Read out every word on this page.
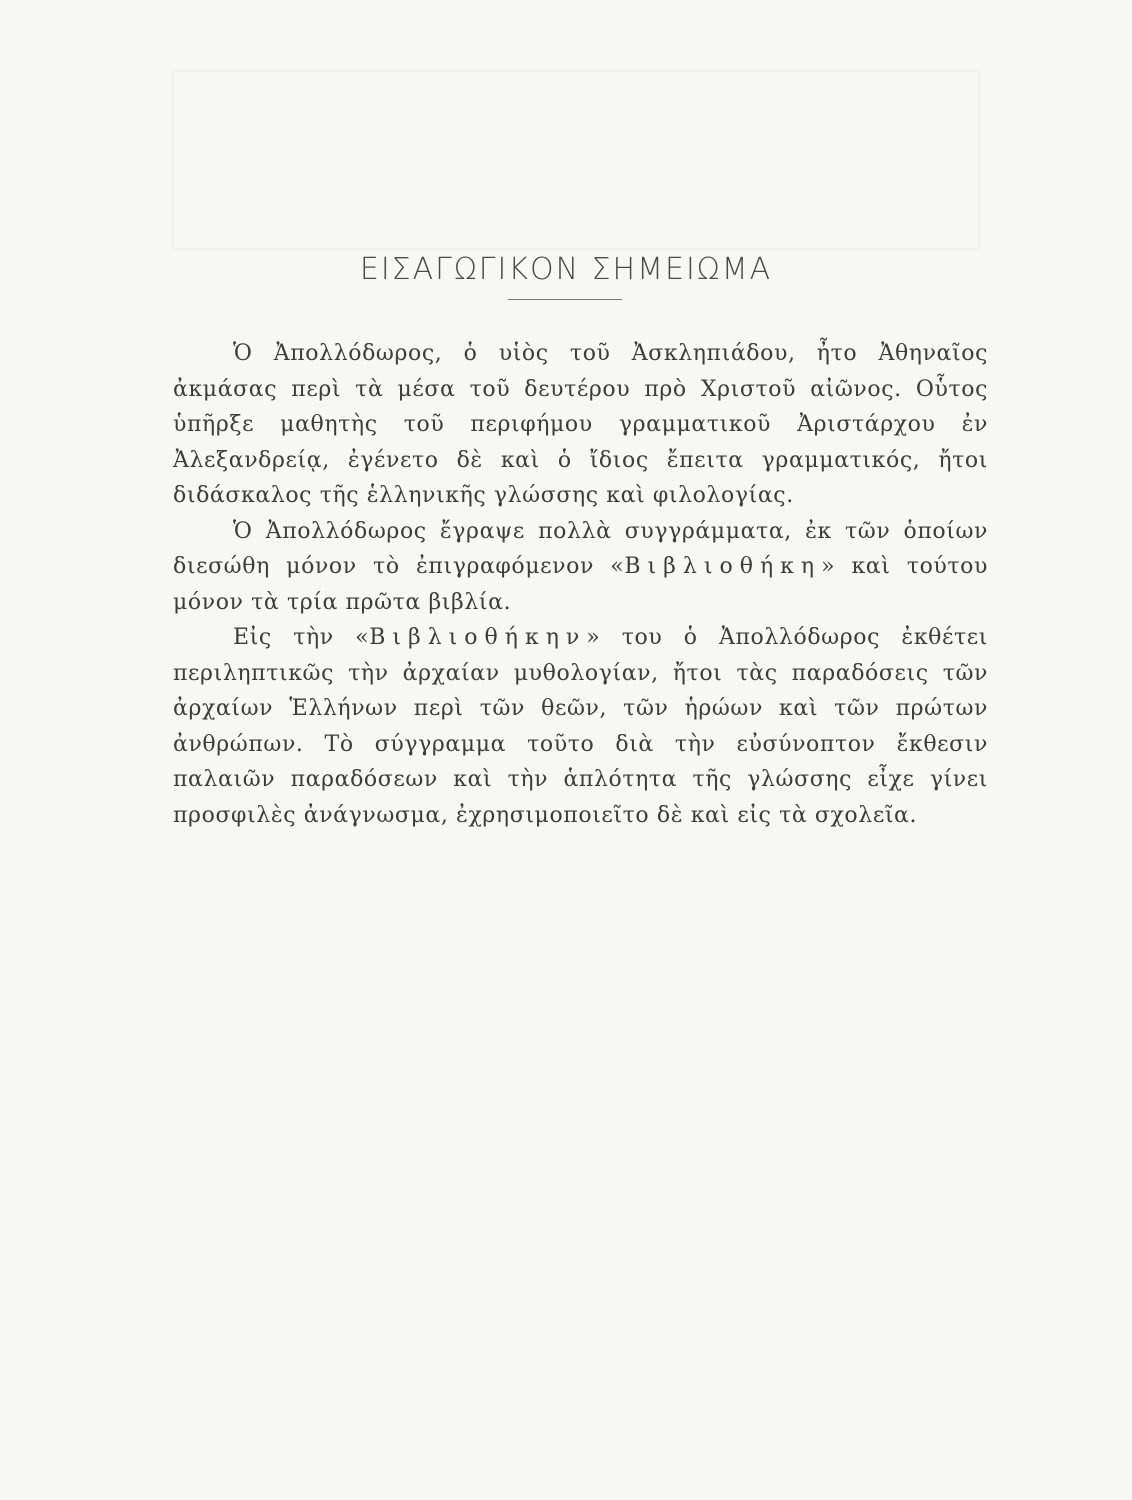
ΕΙΣΑΓΩΓΙΚΟΝ ΣΗΜΕΙΩΜΑ

Ὁ Ἀπολλόδωρος, ὁ υἱὸς τοῦ Ἀσκληπιάδου, ἦτο Ἀθηναῖος ἀκμάσας περὶ τὰ μέσα τοῦ δευτέρου πρὸ Χριστοῦ αἰῶνος. Οὗτος ὑπῆρξε μαθητὴς τοῦ περιφήμου γραμματικοῦ Ἀριστάρχου ἐν Ἀλεξανδρείᾳ, ἐγένετο δὲ καὶ ὁ ἴδιος ἔπειτα γραμματικός, ἤτοι διδάσκαλος τῆς ἑλληνικῆς γλώσσης καὶ φιλολογίας.

Ὁ Ἀπολλόδωρος ἔγραψε πολλὰ συγγράμματα, ἐκ τῶν ὁποίων διεσώθη μόνον τὸ ἐπιγραφόμενον «Βιβλιοθήκη» καὶ τούτου μόνον τὰ τρία πρῶτα βιβλία.

Εἰς τὴν «Βιβλιοθήκην» του ὁ Ἀπολλόδωρος ἐκθέτει περιληπτικῶς τὴν ἀρχαίαν μυθολογίαν, ἤτοι τὰς παραδόσεις τῶν ἀρχαίων Ἑλλήνων περὶ τῶν θεῶν, τῶν ἡρώων καὶ τῶν πρώτων ἀνθρώπων. Τὸ σύγγραμμα τοῦτο διὰ τὴν εὐσύνοπτον ἔκθεσιν παλαιῶν παραδόσεων καὶ τὴν ἁπλότητα τῆς γλώσσης εἶχε γίνει προσφιλὲς ἀνάγνωσμα, ἐχρησιμοποιεῖτο δὲ καὶ εἰς τὰ σχολεῖα.
